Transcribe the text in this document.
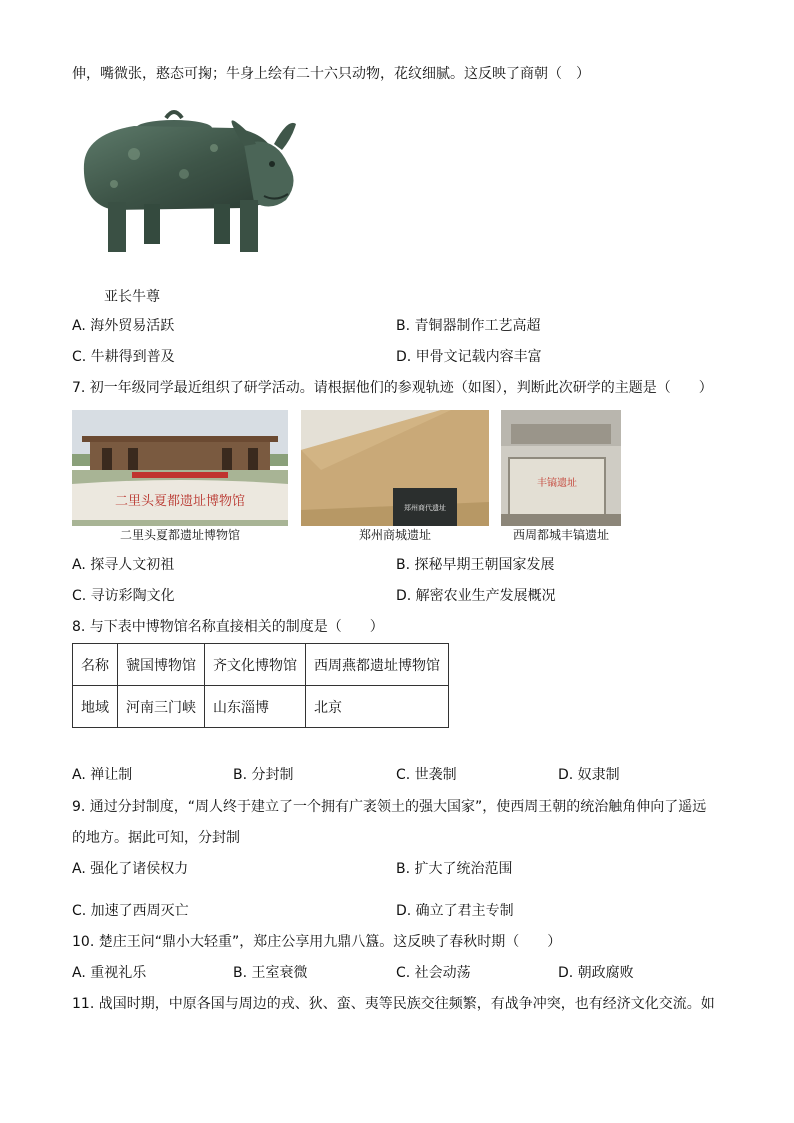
伸，嘴微张，憨态可掬；牛身上绘有二十六只动物，花纹细腻。这反映了商朝（　）
亚长牛尊
A. 海外贸易活跃	B. 青铜器制作工艺高超
C. 牛耕得到普及	D. 甲骨文记载内容丰富
7. 初一年级同学最近组织了研学活动。请根据他们的参观轨迹（如图），判断此次研学的主题是（　　）
二里头夏都遗址博物馆	郑州商代遗址
丰镐遗址
二里头夏都遗址博物馆	郑州商城遗址	西周都城丰镐遗址
A. 探寻人文初祖	B. 探秘早期王朝国家发展
C. 寻访彩陶文化	D. 解密农业生产发展概况
8. 与下表中博物馆名称直接相关的制度是（　　）
名称	虢国博物馆	齐文化博物馆	西周燕都遗址博物馆
地域	河南三门峡	山东淄博	北京
A. 禅让制	B. 分封制	C. 世袭制	D. 奴隶制
9. 通过分封制度，“周人终于建立了一个拥有广袤领土的强大国家”，使西周王朝的统治触角伸向了遥远
的地方。据此可知，分封制
A. 强化了诸侯权力	B. 扩大了统治范围
C. 加速了西周灭亡	D. 确立了君主专制
10. 楚庄王问“鼎小大轻重”，郑庄公享用九鼎八簋。这反映了春秋时期（　　）
A. 重视礼乐	B. 王室衰微	C. 社会动荡	D. 朝政腐败
11. 战国时期，中原各国与周边的戎、狄、蛮、夷等民族交往频繁，有战争冲突，也有经济文化交流。如
